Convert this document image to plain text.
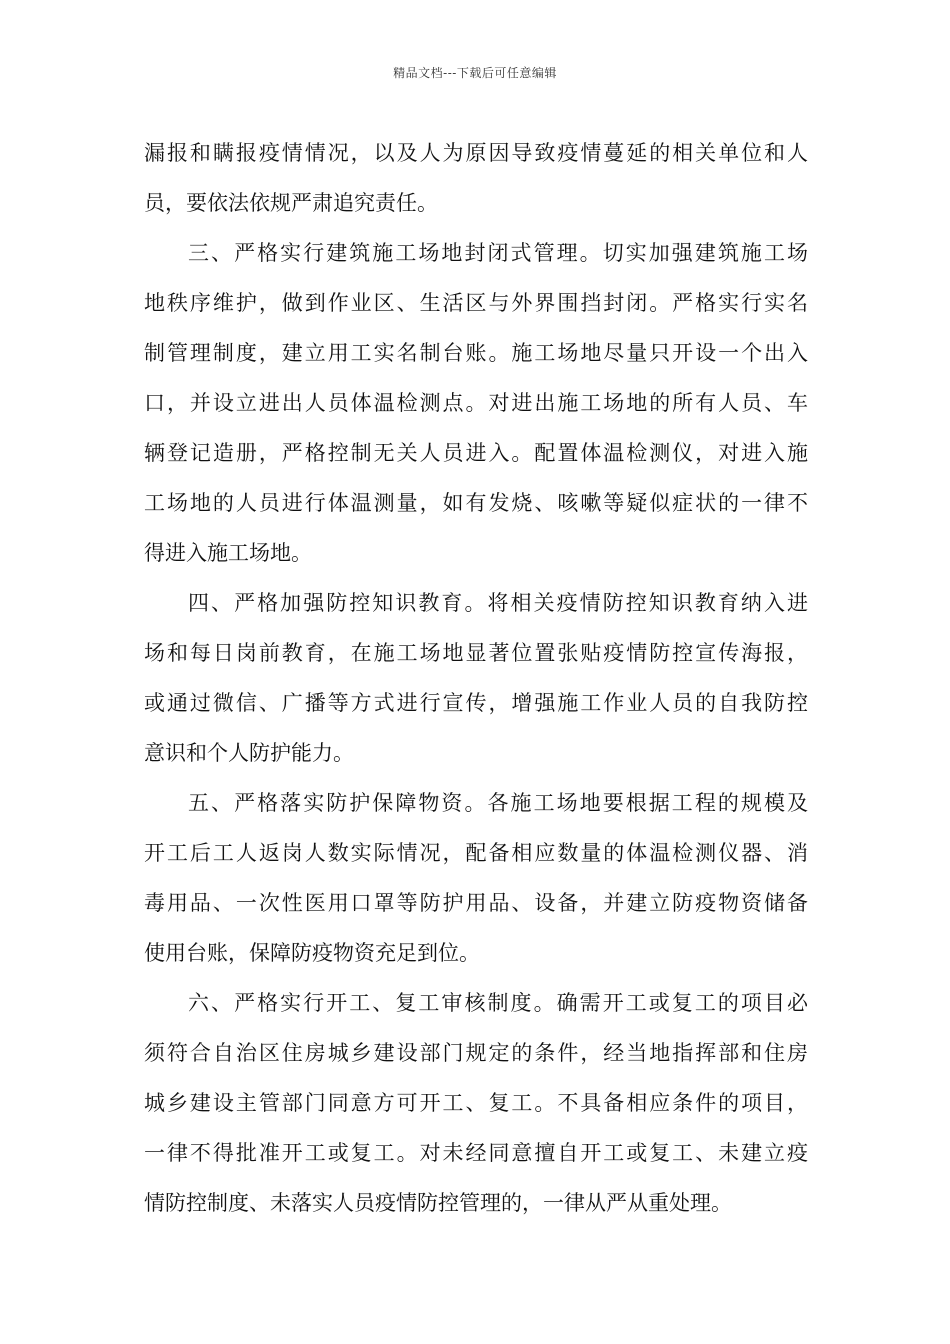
精品文档---下载后可任意编辑
漏报和瞒报疫情情况，以及人为原因导致疫情蔓延的相关单位和人
员，要依法依规严肃追究责任。
三、严格实行建筑施工场地封闭式管理。切实加强建筑施工场
地秩序维护，做到作业区、生活区与外界围挡封闭。严格实行实名
制管理制度，建立用工实名制台账。施工场地尽量只开设一个出入
口，并设立进出人员体温检测点。对进出施工场地的所有人员、车
辆登记造册，严格控制无关人员进入。配置体温检测仪，对进入施
工场地的人员进行体温测量，如有发烧、咳嗽等疑似症状的一律不
得进入施工场地。
四、严格加强防控知识教育。将相关疫情防控知识教育纳入进
场和每日岗前教育，在施工场地显著位置张贴疫情防控宣传海报，
或通过微信、广播等方式进行宣传，增强施工作业人员的自我防控
意识和个人防护能力。
五、严格落实防护保障物资。各施工场地要根据工程的规模及
开工后工人返岗人数实际情况，配备相应数量的体温检测仪器、消
毒用品、一次性医用口罩等防护用品、设备，并建立防疫物资储备
使用台账，保障防疫物资充足到位。
六、严格实行开工、复工审核制度。确需开工或复工的项目必
须符合自治区住房城乡建设部门规定的条件，经当地指挥部和住房
城乡建设主管部门同意方可开工、复工。不具备相应条件的项目，
一律不得批准开工或复工。对未经同意擅自开工或复工、未建立疫
情防控制度、未落实人员疫情防控管理的，一律从严从重处理。
